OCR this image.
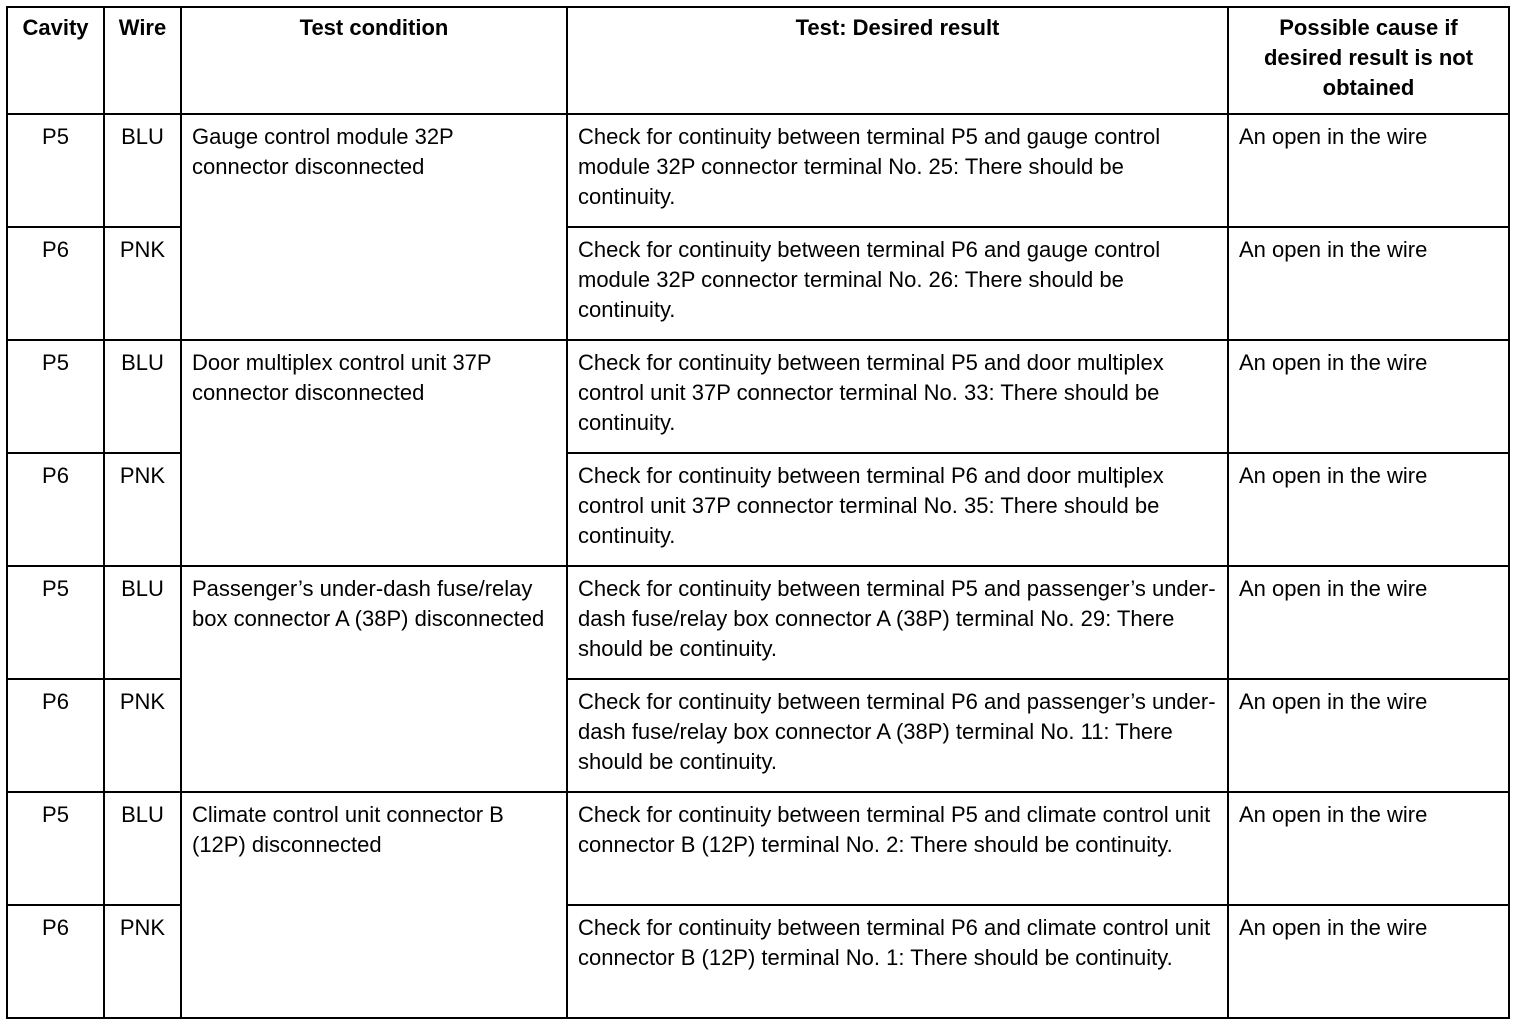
Cavity	Wire	Test condition	Test: Desired result	Possible cause if desired result is not obtained
P5	BLU	Gauge control module 32P connector disconnected	Check for continuity between terminal P5 and gauge control module 32P connector terminal No. 25: There should be continuity.	An open in the wire
P6	PNK		Check for continuity between terminal P6 and gauge control module 32P connector terminal No. 26: There should be continuity.	An open in the wire
P5	BLU	Door multiplex control unit 37P connector disconnected	Check for continuity between terminal P5 and door multiplex control unit 37P connector terminal No. 33: There should be continuity.	An open in the wire
P6	PNK		Check for continuity between terminal P6 and door multiplex control unit 37P connector terminal No. 35: There should be continuity.	An open in the wire
P5	BLU	Passenger’s under-dash fuse/relay box connector A (38P) disconnected	Check for continuity between terminal P5 and passenger’s under-dash fuse/relay box connector A (38P) terminal No. 29: There should be continuity.	An open in the wire
P6	PNK		Check for continuity between terminal P6 and passenger’s under-dash fuse/relay box connector A (38P) terminal No. 11: There should be continuity.	An open in the wire
P5	BLU	Climate control unit connector B (12P) disconnected	Check for continuity between terminal P5 and climate control unit connector B (12P) terminal No. 2: There should be continuity.	An open in the wire
P6	PNK		Check for continuity between terminal P6 and climate control unit connector B (12P) terminal No. 1: There should be continuity.	An open in the wire
